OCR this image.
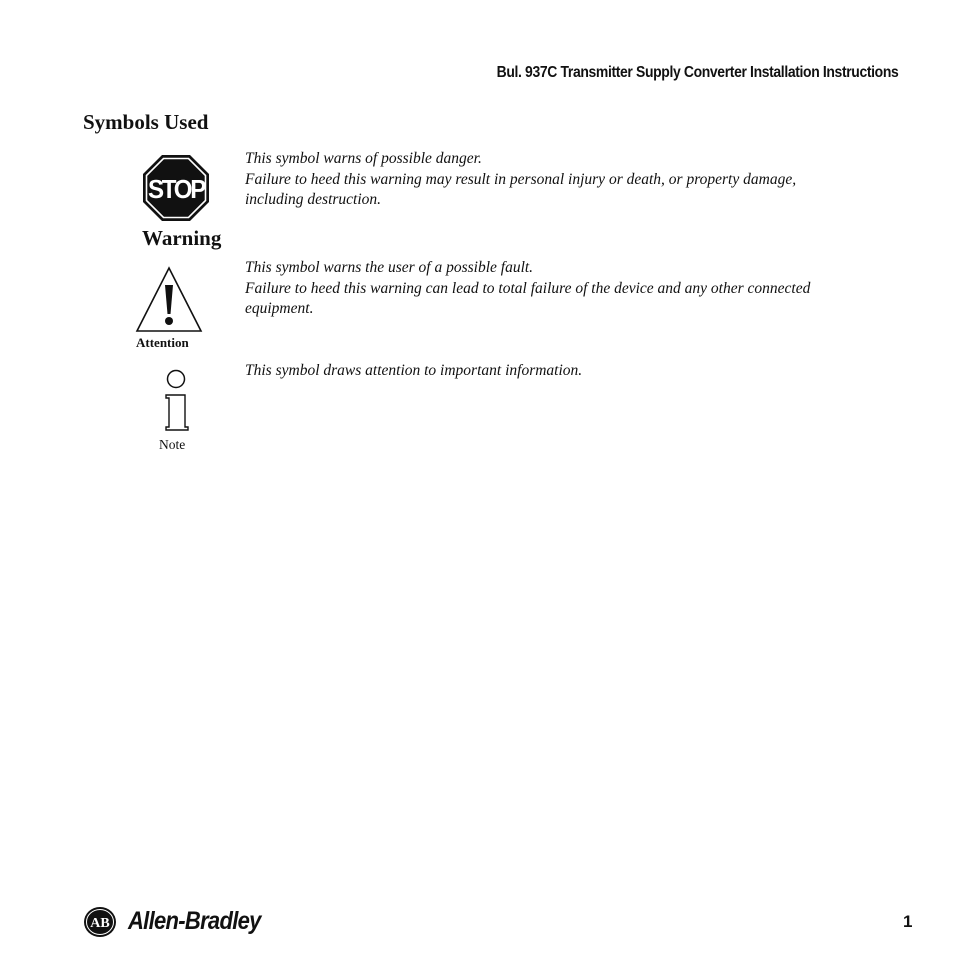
Bul. 937C Transmitter Supply Converter Installation Instructions
Symbols Used
STOP
Warning

This symbol warns of possible danger.

Failure to heed this warning may result in personal injury or death, or property damage, including destruction.

Attention

This symbol warns the user of a possible fault.

Failure to heed this warning can lead to total failure of the device and any other connected equipment.

Note

This symbol draws attention to important information.

AB Allen-Bradley	1
